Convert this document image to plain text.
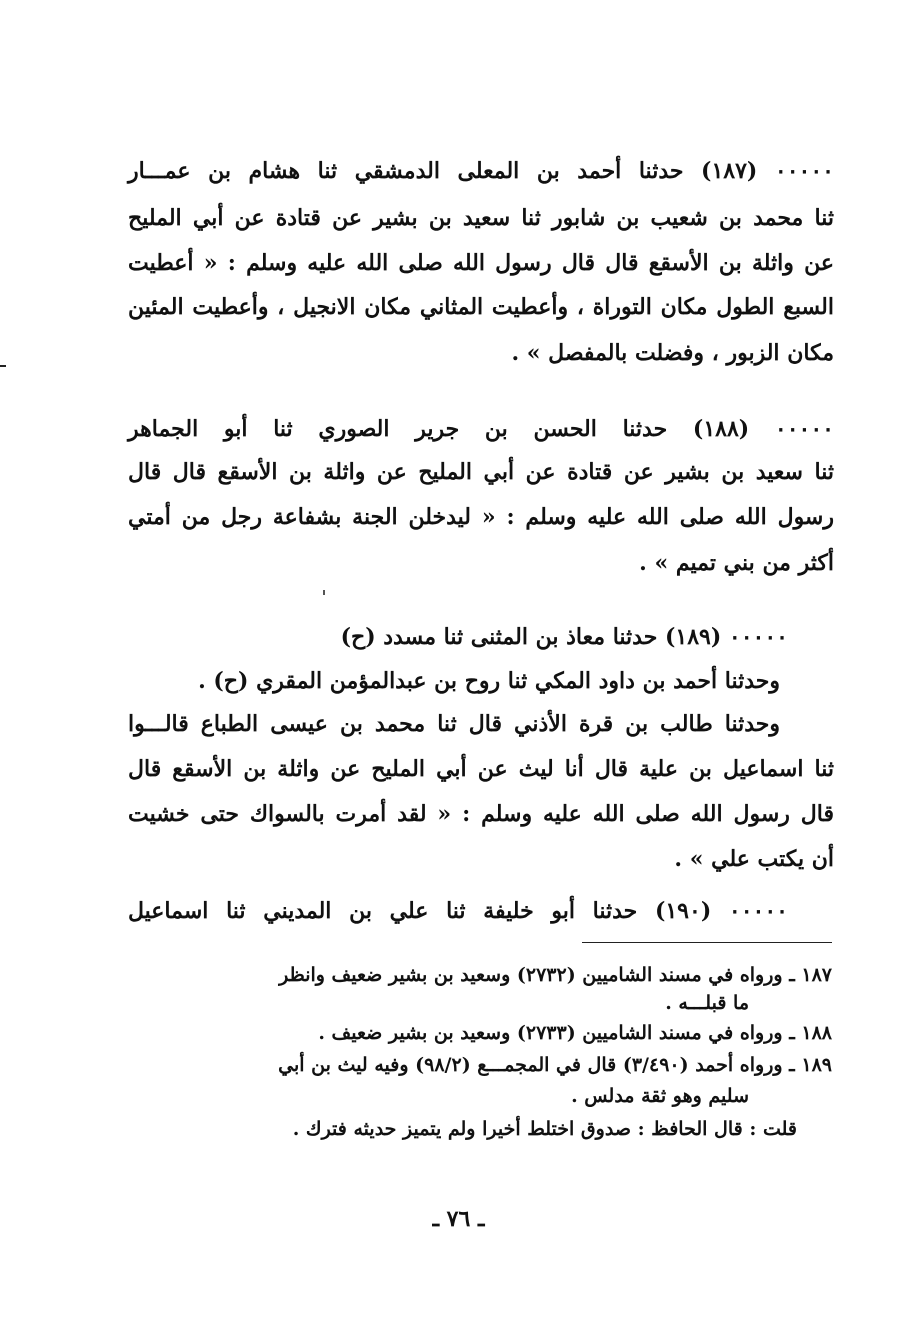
٠٠٠٠٠ (١٨٧) حدثنا أحمد بن المعلى الدمشقي ثنا هشام بن عمـــار
ثنا محمد بن شعيب بن شابور ثنا سعيد بن بشير عن قتادة عن أبي المليح
عن واثلة بن الأسقع قال قال رسول الله صلى الله عليه وسلم : « أعطيت
السبع الطول مكان التوراة ، وأعطيت المثاني مكان الانجيل ، وأعطيت المئين
مكان الزبور ، وفضلت بالمفصل » .
٠٠٠٠٠ (١٨٨) حدثنا الحسن بن جرير الصوري ثنا أبو الجماهر
ثنا سعيد بن بشير عن قتادة عن أبي المليح عن واثلة بن الأسقع قال قال
رسول الله صلى الله عليه وسلم : « ليدخلن الجنة بشفاعة رجل من أمتي
أكثر من بني تميم » .
٠٠٠٠٠ (١٨٩) حدثنا معاذ بن المثنى ثنا مسدد (ح)
وحدثنا أحمد بن داود المكي ثنا روح بن عبدالمؤمن المقري (ح) .
وحدثنا طالب بن قرة الأذني قال ثنا محمد بن عيسى الطباع قالـــوا
ثنا اسماعيل بن علية قال أنا ليث عن أبي المليح عن واثلة بن الأسقع قال
قال رسول الله صلى الله عليه وسلم : « لقد أمرت بالسواك حتى خشيت
أن يكتب علي » .
٠٠٠٠٠ (١٩٠) حدثنا أبو خليفة ثنا علي بن المديني ثنا اسماعيل
١٨٧ ـ ورواه في مسند الشاميين (٢٧٣٢) وسعيد بن بشير ضعيف وانظر
ما قبلـــه .
١٨٨ ـ ورواه في مسند الشاميين (٢٧٣٣) وسعيد بن بشير ضعيف .
١٨٩ ـ ورواه أحمد (٣/٤٩٠) قال في المجمـــع (٩٨/٢) وفيه ليث بن أبي
سليم وهو ثقة مدلس .
قلت : قال الحافظ : صدوق اختلط أخيرا ولم يتميز حديثه فترك .
ـ ٧٦ ـ
